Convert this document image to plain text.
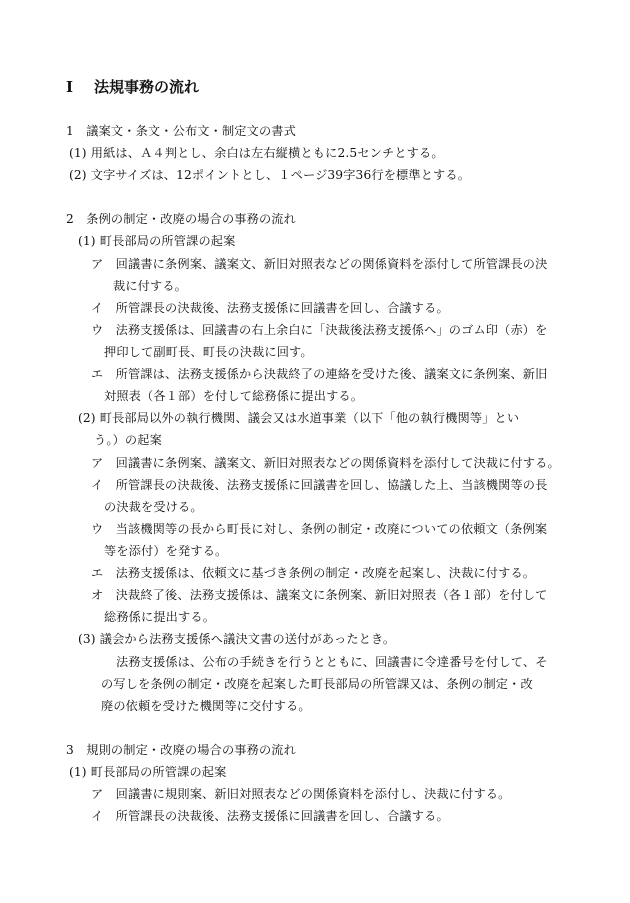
Ⅰ 法規事務の流れ
1　議案文・条文・公布文・制定文の書式
(1) 用紙は、Ａ４判とし、余白は左右縦横ともに2.5センチとする。
(2) 文字サイズは、12ポイントとし、１ページ39字36行を標準とする。
2　条例の制定・改廃の場合の事務の流れ
(1) 町長部局の所管課の起案
ア　回議書に条例案、議案文、新旧対照表などの関係資料を添付して所管課長の決
裁に付する。
イ　所管課長の決裁後、法務支援係に回議書を回し、合議する。
ウ　法務支援係は、回議書の右上余白に「決裁後法務支援係へ」のゴム印（赤）を
押印して副町長、町長の決裁に回す。
エ　所管課は、法務支援係から決裁終了の連絡を受けた後、議案文に条例案、新旧
対照表（各１部）を付して総務係に提出する。
(2) 町長部局以外の執行機関、議会又は水道事業（以下「他の執行機関等」とい
う。）の起案
ア　回議書に条例案、議案文、新旧対照表などの関係資料を添付して決裁に付する。
イ　所管課長の決裁後、法務支援係に回議書を回し、協議した上、当該機関等の長
の決裁を受ける。
ウ　当該機関等の長から町長に対し、条例の制定・改廃についての依頼文（条例案
等を添付）を発する。
エ　法務支援係は、依頼文に基づき条例の制定・改廃を起案し、決裁に付する。
オ　決裁終了後、法務支援係は、議案文に条例案、新旧対照表（各１部）を付して
総務係に提出する。
(3) 議会から法務支援係へ議決文書の送付があったとき。
法務支援係は、公布の手続きを行うとともに、回議書に令達番号を付して、そ
の写しを条例の制定・改廃を起案した町長部局の所管課又は、条例の制定・改
廃の依頼を受けた機関等に交付する。
3　規則の制定・改廃の場合の事務の流れ
(1) 町長部局の所管課の起案
ア　回議書に規則案、新旧対照表などの関係資料を添付し、決裁に付する。
イ　所管課長の決裁後、法務支援係に回議書を回し、合議する。
